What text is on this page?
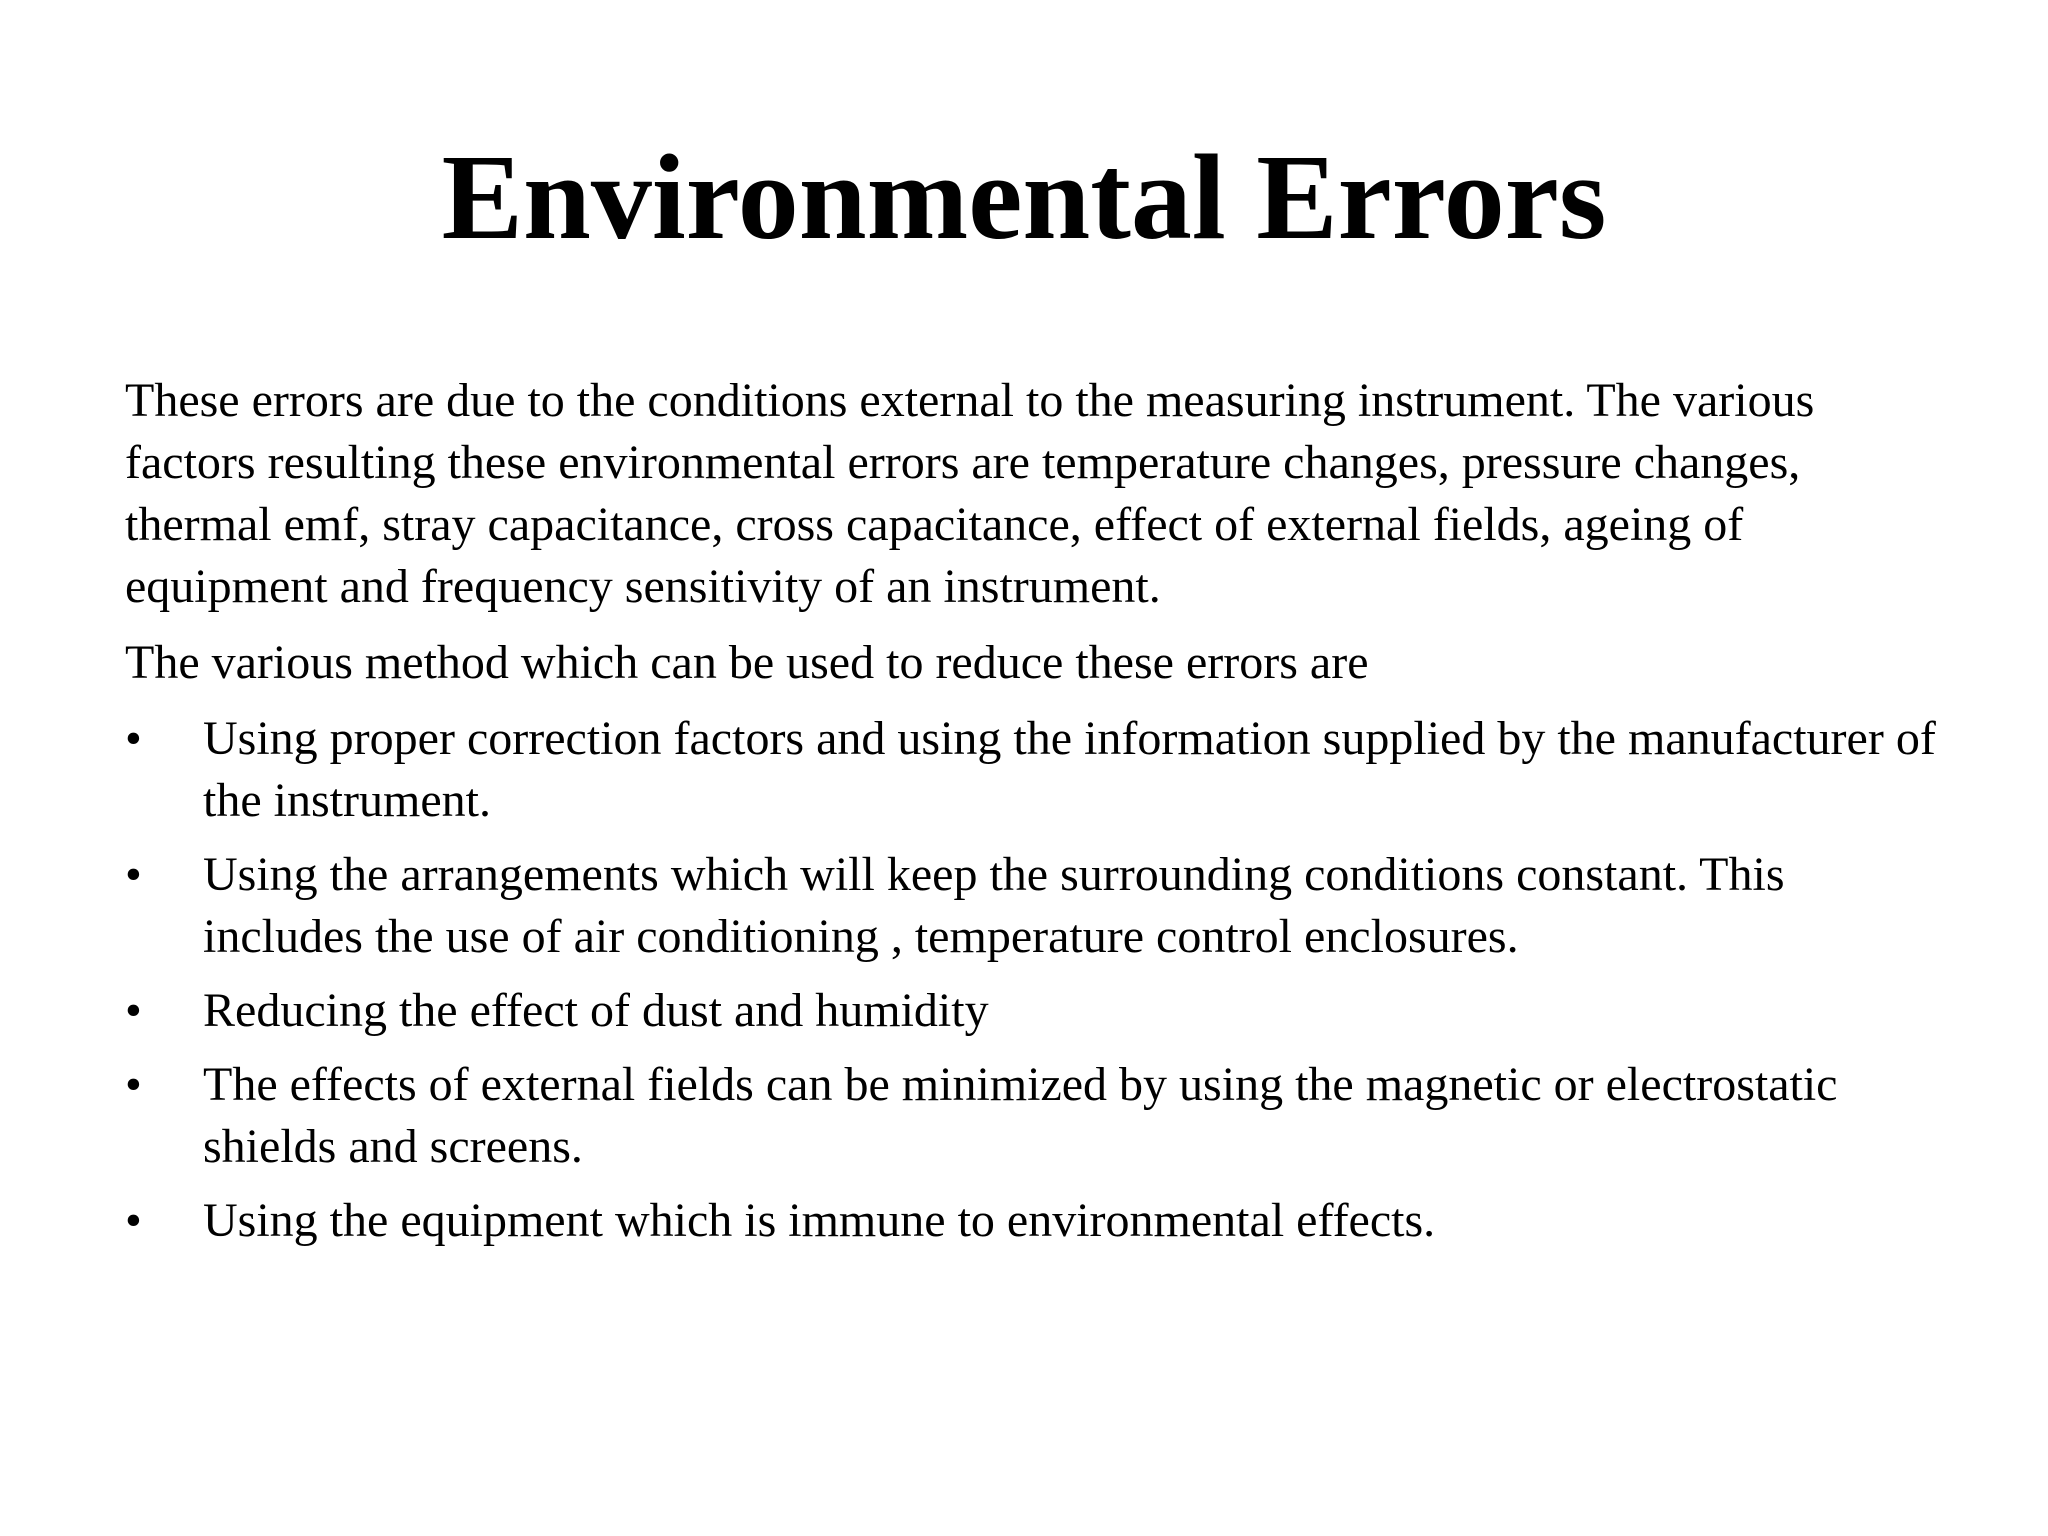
Environmental Errors

These errors are due to the conditions external to the measuring instrument. The various factors resulting these environmental errors are temperature changes, pressure changes, thermal emf, stray capacitance, cross capacitance, effect of external fields, ageing of equipment and frequency sensitivity of an instrument.

The various method which can be used to reduce these errors are

• Using proper correction factors and using the information supplied by the manufacturer of the instrument.
• Using the arrangements which will keep the surrounding conditions constant. This includes the use of air conditioning , temperature control enclosures.
• Reducing the effect of dust and humidity
• The effects of external fields can be minimized by using the magnetic or electrostatic shields and screens.
• Using the equipment which is immune to environmental effects.
